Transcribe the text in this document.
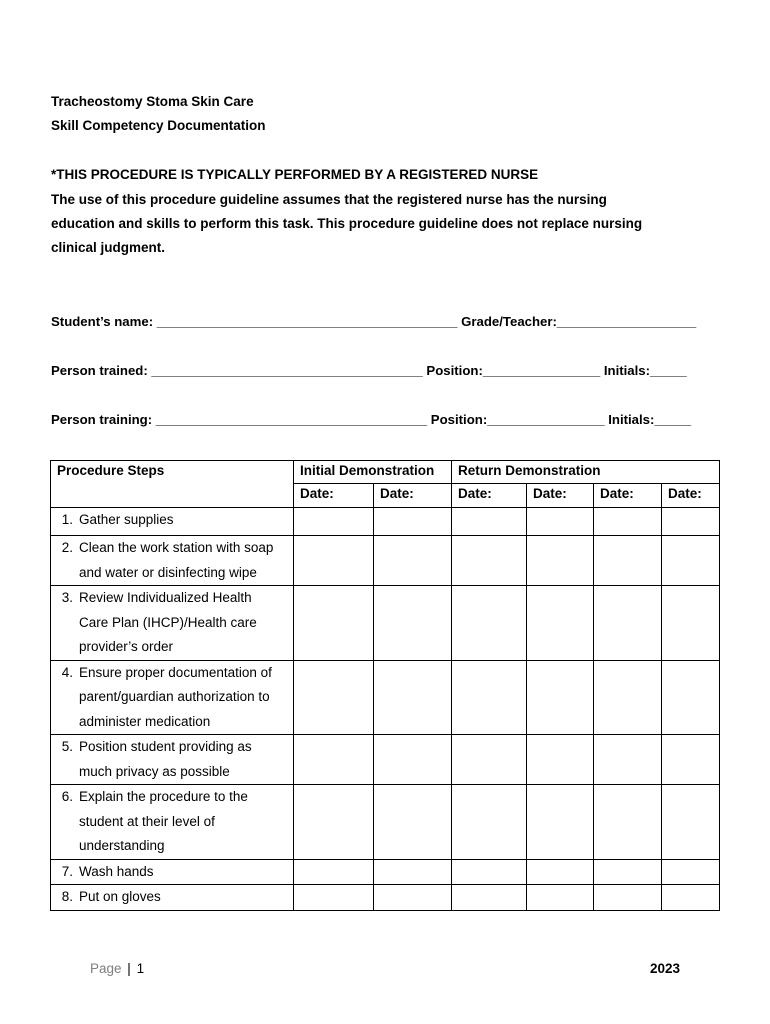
Tracheostomy Stoma Skin Care
Skill Competency Documentation
*THIS PROCEDURE IS TYPICALLY PERFORMED BY A REGISTERED NURSE
The use of this procedure guideline assumes that the registered nurse has the nursing
education and skills to perform this task. This procedure guideline does not replace nursing
clinical judgment.
Student’s name: _________________________________________ Grade/Teacher:___________________
Person trained: _____________________________________ Position:________________ Initials:_____
Person training: _____________________________________ Position:________________ Initials:_____
Procedure Steps	Initial Demonstration		Return Demonstration			
	Date:	Date:	Date:	Date:	Date:	Date:

1. Gather supplies						

2. Clean the work station with soap
and water or disinfecting wipe						

3. Review Individualized Health
Care Plan (IHCP)/Health care
provider’s order						

4. Ensure proper documentation of
parent/guardian authorization to
administer medication						

5. Position student providing as
much privacy as possible						

6. Explain the procedure to the
student at their level of
understanding						

7. Wash hands						

8. Put on gloves						

Page | 1	2023
